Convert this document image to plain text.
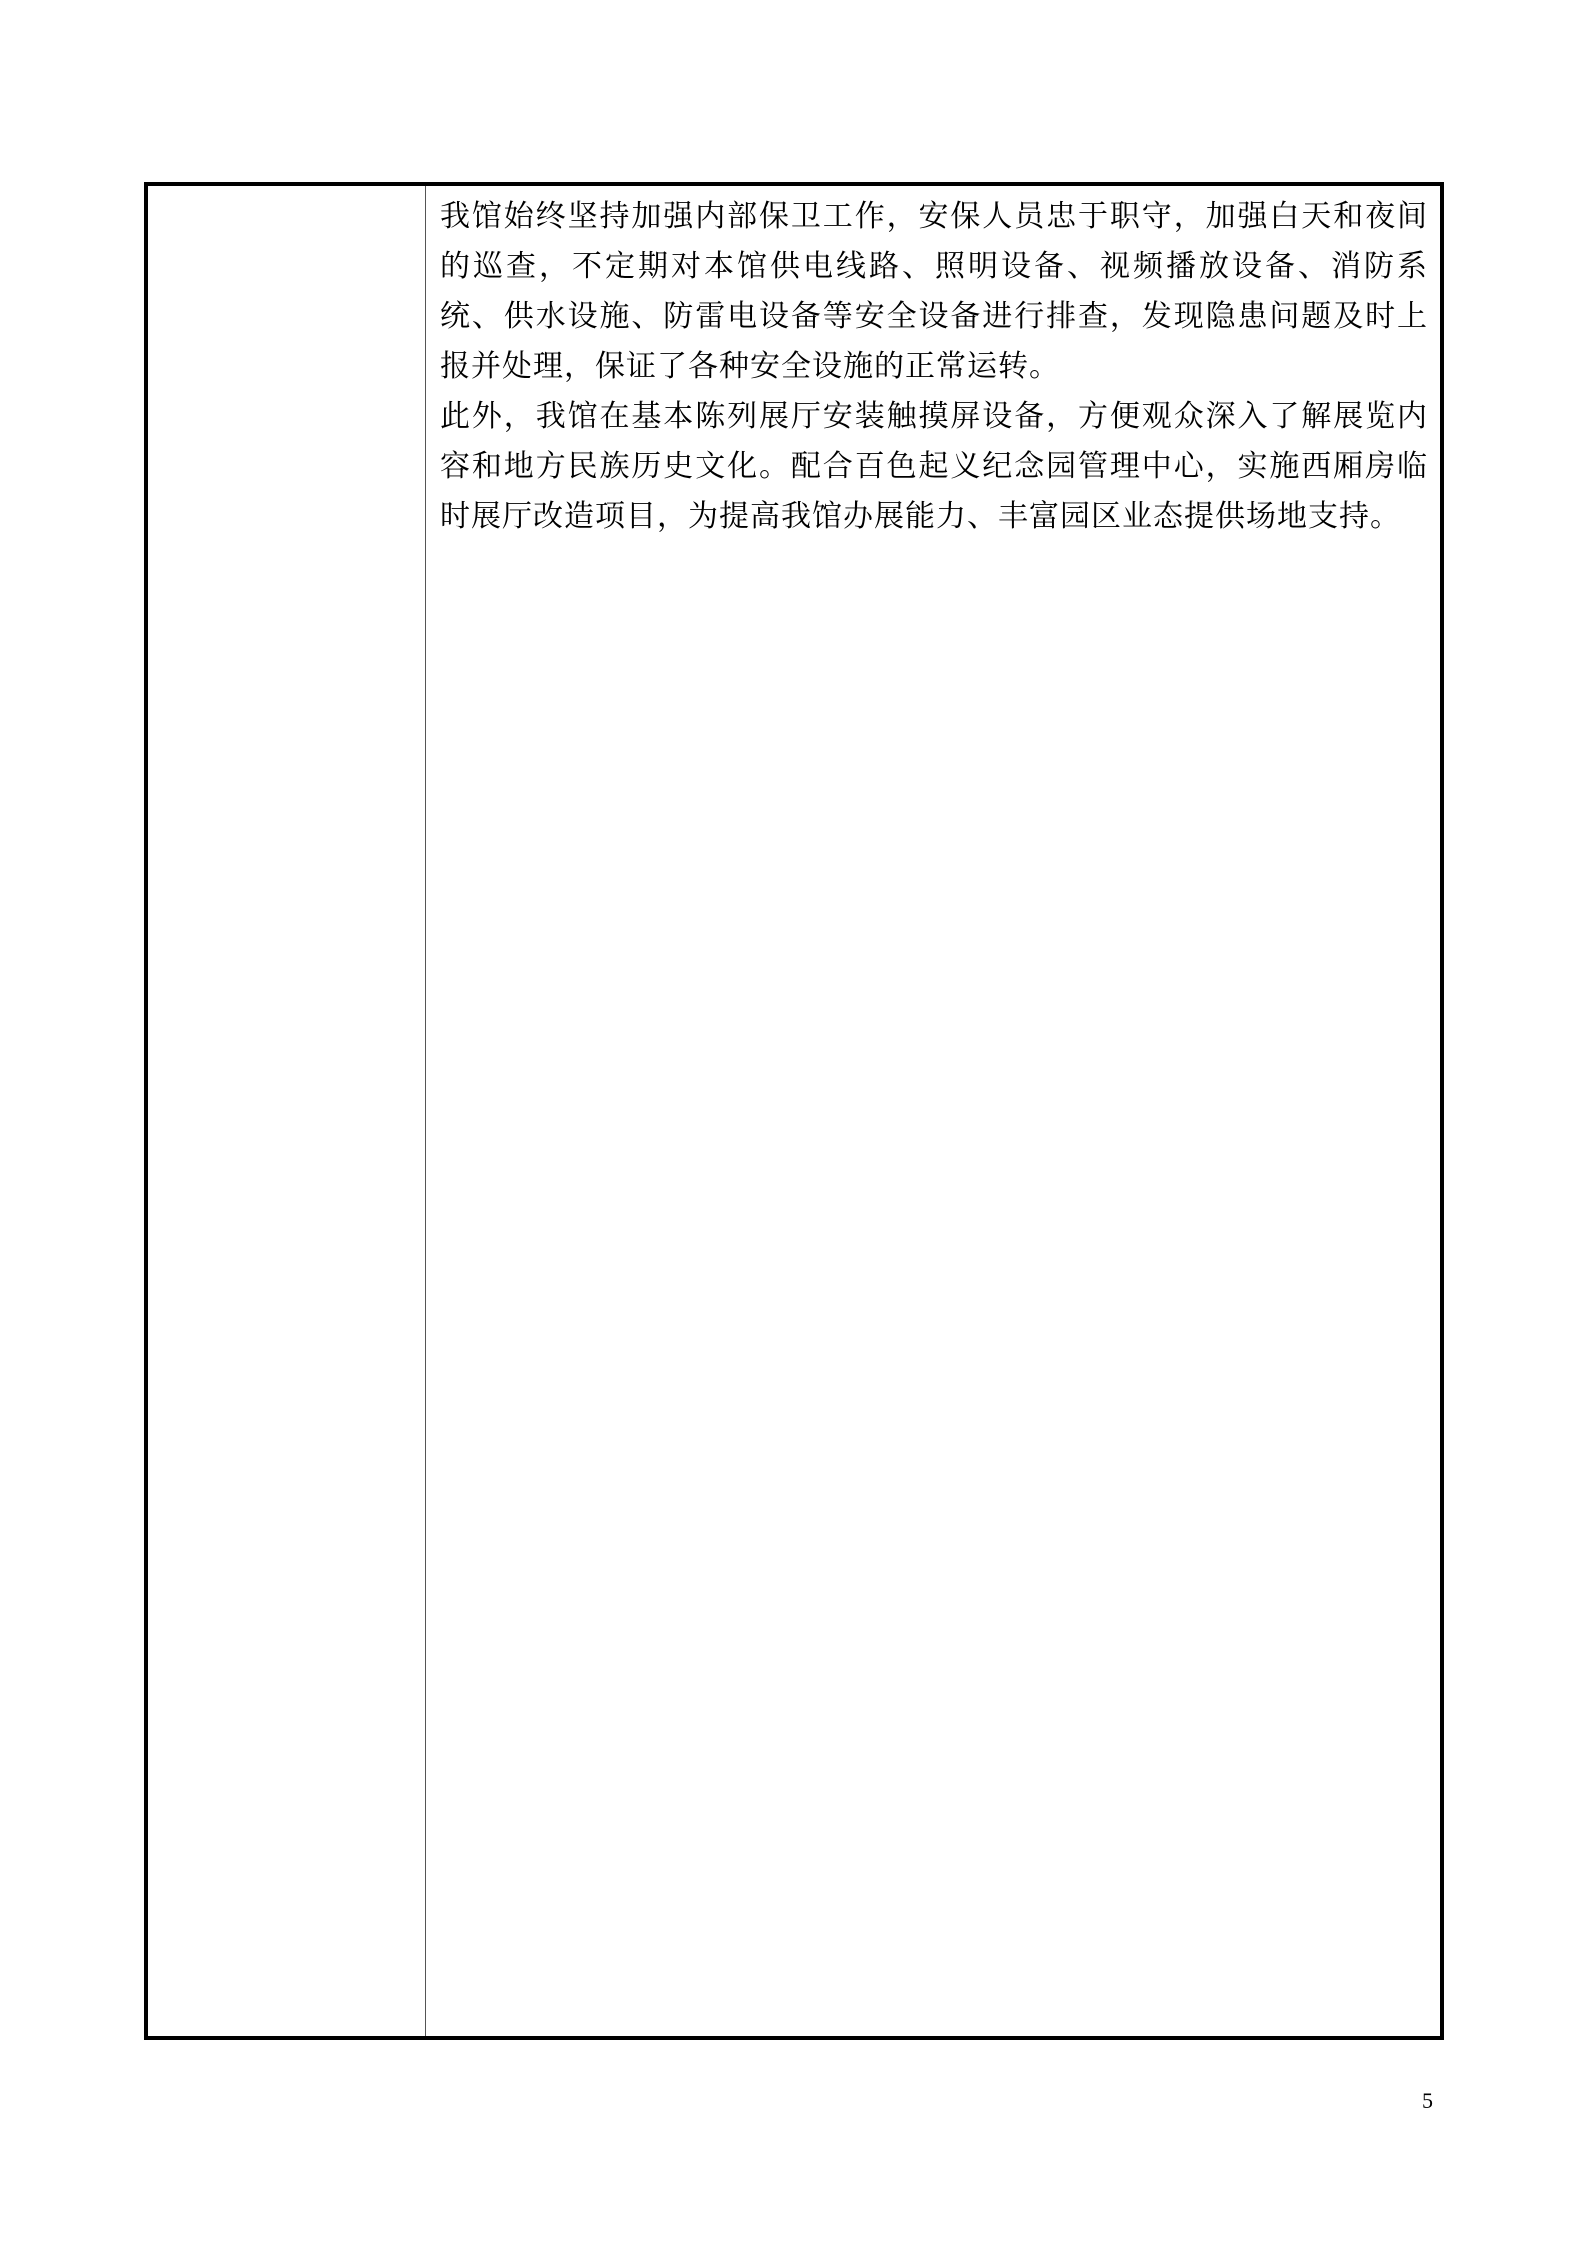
我馆始终坚持加强内部保卫工作，安保人员忠于职守，加强白天和夜间的巡查，不定期对本馆供电线路、照明设备、视频播放设备、消防系统、供水设施、防雷电设备等安全设备进行排查，发现隐患问题及时上报并处理，保证了各种安全设施的正常运转。

此外，我馆在基本陈列展厅安装触摸屏设备，方便观众深入了解展览内容和地方民族历史文化。配合百色起义纪念园管理中心，实施西厢房临时展厅改造项目，为提高我馆办展能力、丰富园区业态提供场地支持。

5
